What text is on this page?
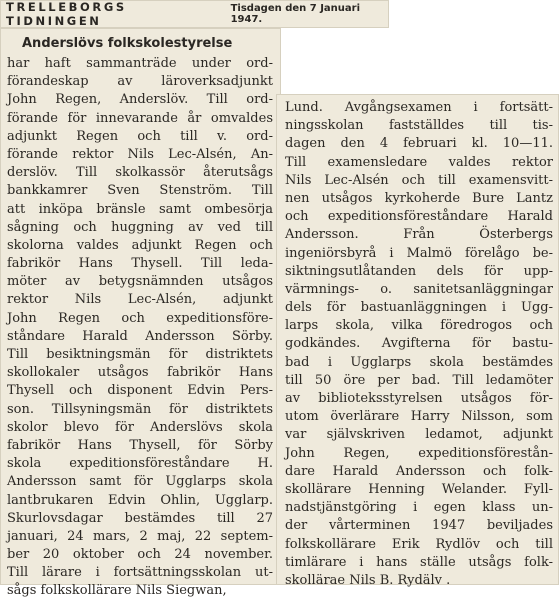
TRELLEBORGS TIDNINGEN
Tisdagen den 7 Januari 1947.
Anderslövs folkskolestyrelse
har haft sammanträde under ord-
förandeskap av läroverksadjunkt
John Regen, Anderslöv. Till ord-
förande för innevarande år omvaldes
adjunkt Regen och till v. ord-
förande rektor Nils Lec-Alsén, An-
derslöv. Till skolkassör återutsågs
bankkamrer Sven Stenström. Till
att inköpa bränsle samt ombesörja
sågning och huggning av ved till
skolorna valdes adjunkt Regen och
fabrikör Hans Thysell. Till leda-
möter av betygsnämnden utsågos
rektor Nils Lec-Alsén, adjunkt
John Regen och expeditionsföre-
ståndare Harald Andersson Sörby.
Till besiktningsmän för distriktets
skollokaler utsågos fabrikör Hans
Thysell och disponent Edvin Pers-
son. Tillsyningsmän för distriktets
skolor blevo för Anderslövs skola
fabrikör Hans Thysell, för Sörby
skola expeditionsföreståndare H.
Andersson samt för Ugglarps skola
lantbrukaren Edvin Ohlin, Ugglarp.
Skurlovsdagar bestämdes till 27
januari, 24 mars, 2 maj, 22 septem-
ber 20 oktober och 24 november.
Till lärare i fortsättningsskolan ut-
sågs folkskollärare Nils Siegwan,
Lund. Avgångsexamen i fortsätt-
ningsskolan fastställdes till tis-
dagen den 4 februari kl. 10—11.
Till examensledare valdes rektor
Nils Lec-Alsén och till examensvitt-
nen utsågos kyrkoherde Bure Lantz
och expeditionsföreståndare Harald
Andersson. Från Österbergs
ingeniörsbyrå i Malmö förelågo be-
siktningsutlåtanden dels för upp-
värmnings- o. sanitetsanläggningar
dels för bastuanläggningen i Ugg-
larps skola, vilka föredrogos och
godkändes. Avgifterna för bastu-
bad i Ugglarps skola bestämdes
till 50 öre per bad. Till ledamöter
av biblioteksstyrelsen utsågos för-
utom överlärare Harry Nilsson, som
var självskriven ledamot, adjunkt
John Regen, expeditionsförestån-
dare Harald Andersson och folk-
skollärare Henning Welander. Fyll-
nadstjänstgöring i egen klass un-
der vårterminen 1947 beviljades
folkskollärare Erik Rydlöv och till
timlärare i hans ställe utsågs folk-
skollärae Nils B. Rydälv .
